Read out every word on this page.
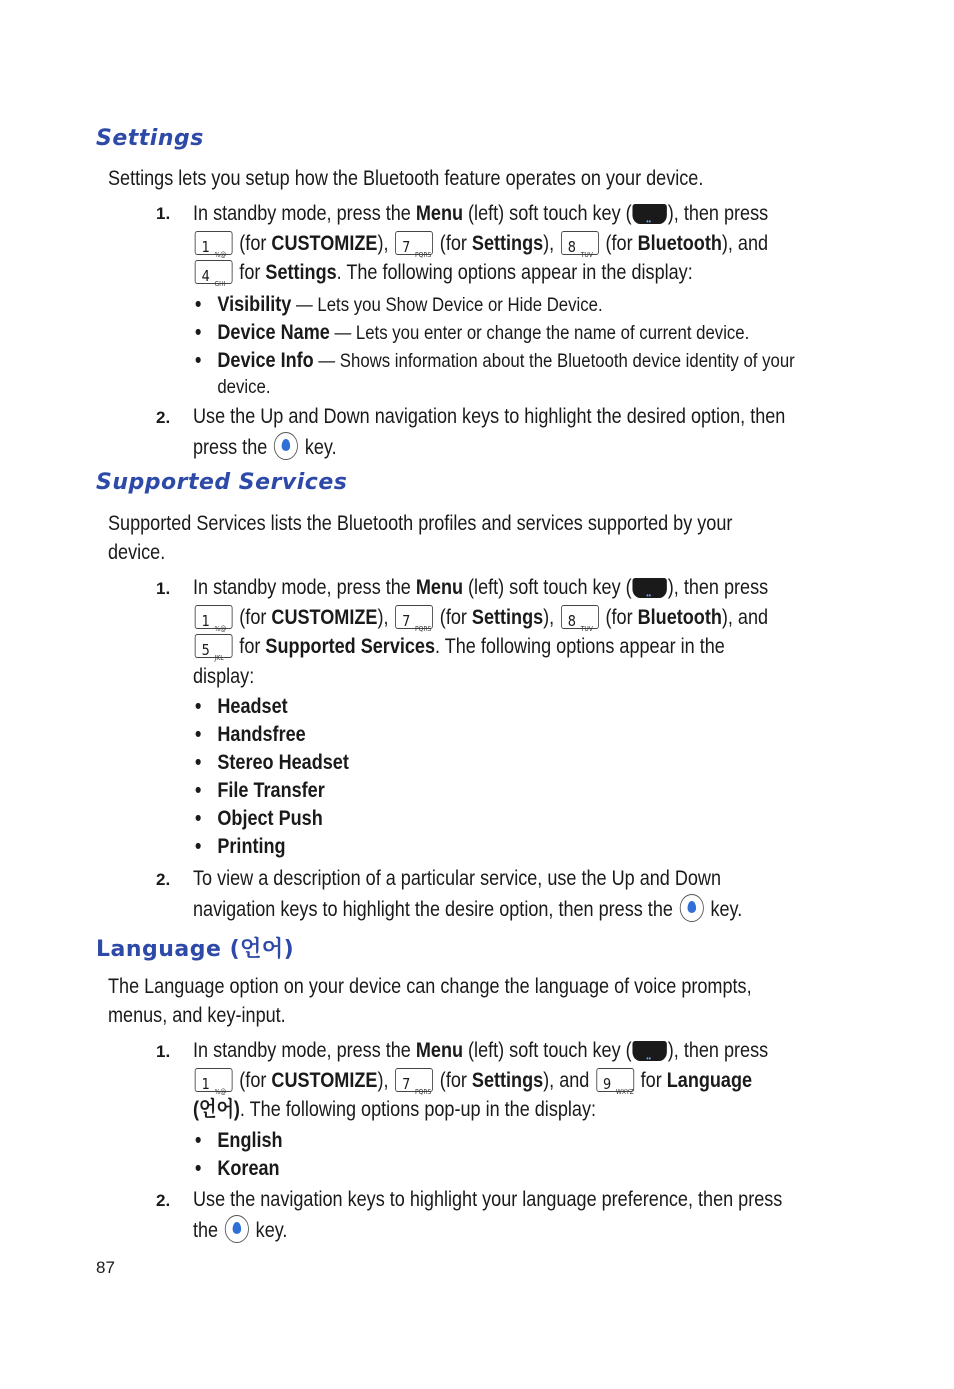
Settings
Settings lets you setup how the Bluetooth feature operates on your device.
1. In standby mode, press the Menu (left) soft touch key ( •• ), then press

1 %@ (for CUSTOMIZE), 7 PQRS (for Settings), 8 TUV (for Bluetooth), and

4 GHI for Settings. The following options appear in the display:
• Visibility — Lets you Show Device or Hide Device.
• Device Name — Lets you enter or change the name of current device.
• Device Info — Shows information about the Bluetooth device identity of your
device.
2. Use the Up and Down navigation keys to highlight the desired option, then
press the  key.
Supported Services
Supported Services lists the Bluetooth profiles and services supported by your
device.
1. In standby mode, press the Menu (left) soft touch key ( •• ), then press

1 %@ (for CUSTOMIZE), 7 PQRS (for Settings), 8 TUV (for Bluetooth), and

5 JKL for Supported Services. The following options appear in the
display:
• Headset
• Handsfree
• Stereo Headset
• File Transfer
• Object Push
• Printing
2. To view a description of a particular service, use the Up and Down
navigation keys to highlight the desire option, then press the  key.
Language (언어)
The Language option on your device can change the language of voice prompts,
menus, and key-input.
1. In standby mode, press the Menu (left) soft touch key ( •• ), then press

1 %@ (for CUSTOMIZE), 7 PQRS (for Settings), and 9 WXYZ for Language
(언어). The following options pop-up in the display:
• English
• Korean
2. Use the navigation keys to highlight your language preference, then press
the  key.
87
